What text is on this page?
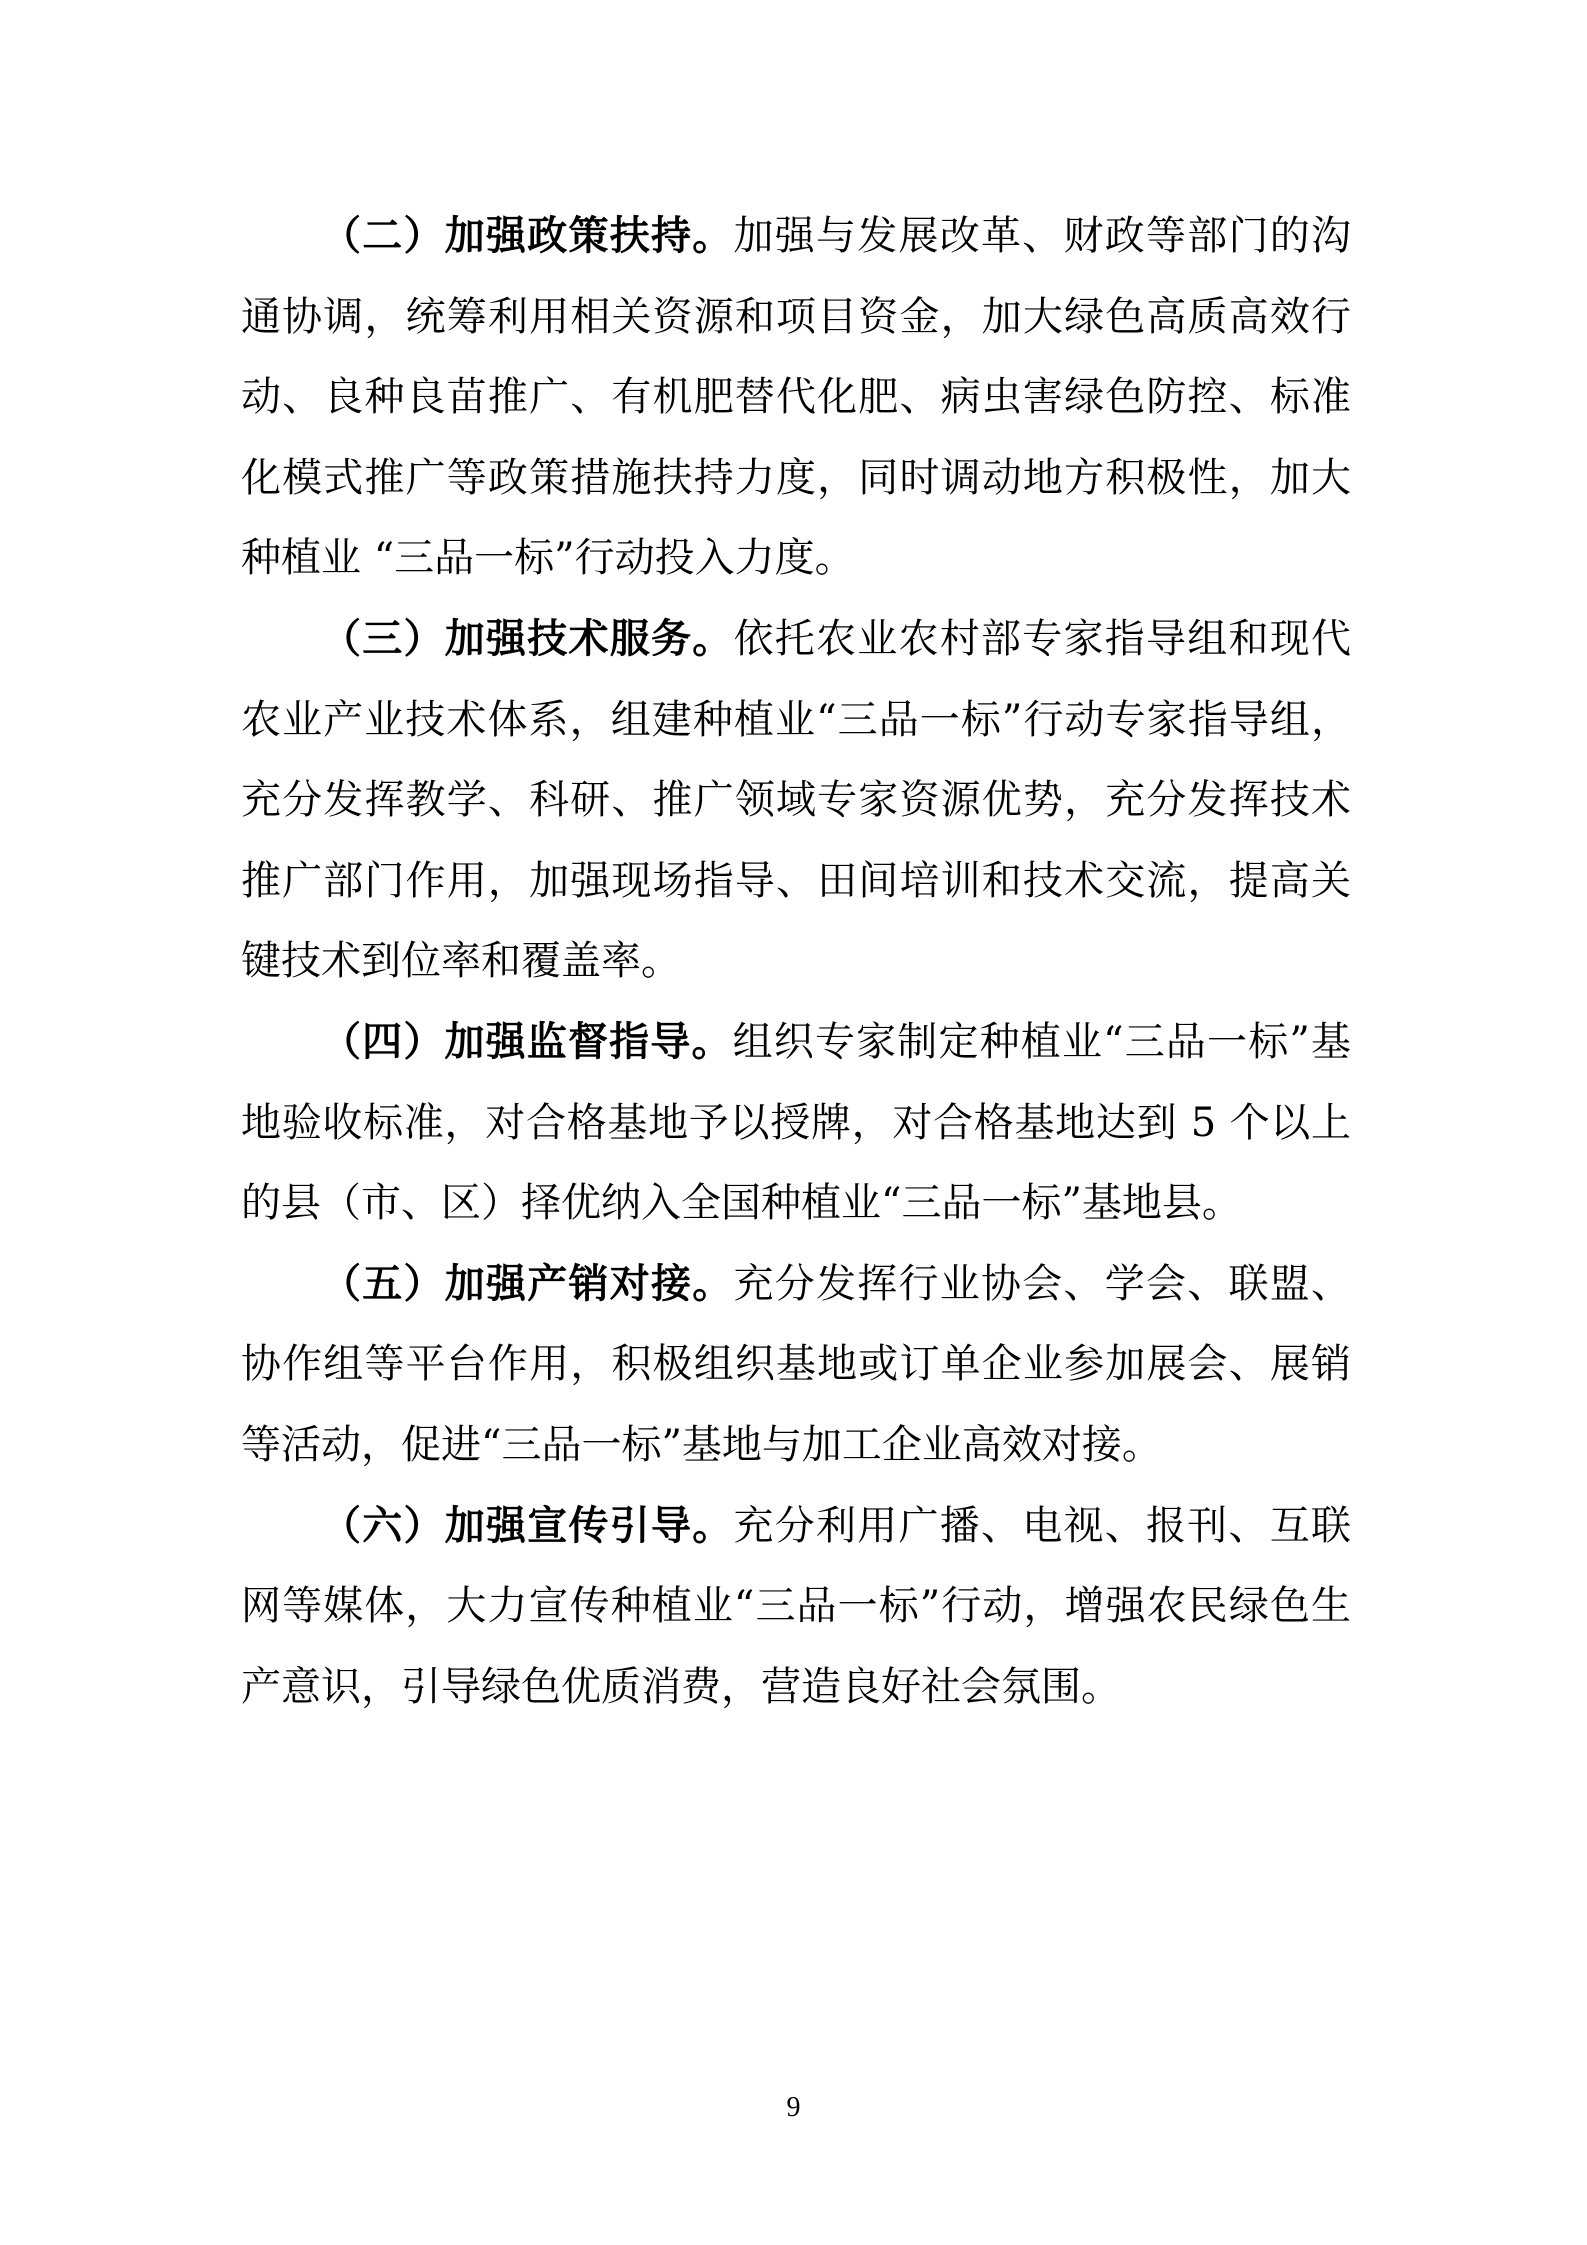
（二）加强政策扶持。加强与发展改革、财政等部门的沟通协调，统筹利用相关资源和项目资金，加大绿色高质高效行动、良种良苗推广、有机肥替代化肥、病虫害绿色防控、标准化模式推广等政策措施扶持力度，同时调动地方积极性，加大种植业 “三品一标”行动投入力度。

（三）加强技术服务。依托农业农村部专家指导组和现代农业产业技术体系，组建种植业“三品一标”行动专家指导组，充分发挥教学、科研、推广领域专家资源优势，充分发挥技术推广部门作用，加强现场指导、田间培训和技术交流，提高关键技术到位率和覆盖率。

（四）加强监督指导。组织专家制定种植业“三品一标”基地验收标准，对合格基地予以授牌，对合格基地达到 5 个以上的县（市、区）择优纳入全国种植业“三品一标”基地县。

（五）加强产销对接。充分发挥行业协会、学会、联盟、协作组等平台作用，积极组织基地或订单企业参加展会、展销等活动，促进“三品一标”基地与加工企业高效对接。

（六）加强宣传引导。充分利用广播、电视、报刊、互联网等媒体，大力宣传种植业“三品一标”行动，增强农民绿色生产意识，引导绿色优质消费，营造良好社会氛围。

9
